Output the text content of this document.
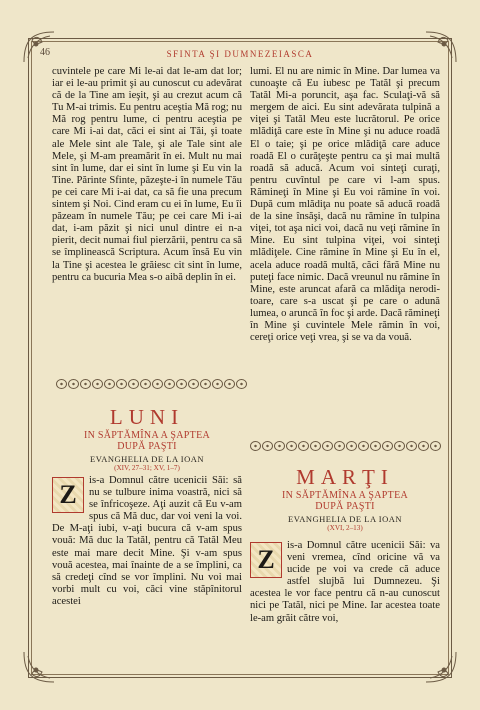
46	SFINTA ŞI DUMNEZEIASCA

cuvintele pe care Mi le-ai dat le-am dat lor; iar ei le-au primit şi au cunoscut cu adevărat că de la Tine am ieşit, şi au crezut acum că Tu M-ai trimis. Eu pentru aceştia Mă rog; nu Mă rog pentru lume, ci pentru aceştia pe care Mi i-ai dat, căci ei sint ai Tăi, şi toate ale Mele sint ale Tale, şi ale Tale sint ale Mele, şi M-am preamărit în ei. Mult nu mai sint în lume, dar ei sint în lume şi Eu vin la Tine. Părinte Sfinte, păzeşte-i în numele Tău pe cei care Mi i-ai dat, ca să fie una precum sintem şi Noi. Cind eram cu ei în lume, Eu îi păzeam în numele Tău; pe cei care Mi i-ai dat, i-am păzit şi nici unul dintre ei n-a pierit, decit numai fiul pierzării, pentru ca să se împlinească Scriptura. Acum însă Eu vin la Tine şi acestea le grăiesc cit sint în lume, pentru ca bucuria Mea s-o aibă deplin în ei.

LUNI
IN SĂPTĂMÎNA A ŞAPTEA
DUPĂ PAŞTI
EVANGHELIA DE LA IOAN
(XIV, 27–31; XV, 1–7)
Z	is-a Domnul către ucenicii Săi: să nu se tulbure inima voastră, nici să se înfricoşeze. Aţi auzit că Eu v-am spus că Mă duc, dar voi veni la voi. De M-aţi iubi, v-aţi bucura că v-am spus vouă: Mă duc la Tatăl, pentru că Tatăl Meu este mai mare decit Mine. Şi v-am spus vouă acestea, mai înainte de a se împlini, ca să credeţi cînd se vor împlini. Nu voi mai vorbi mult cu voi, căci vine stăpînitorul acestei

lumi. El nu are nimic în Mine. Dar lumea va cunoaşte că Eu iubesc pe Tatăl şi precum Tatăl Mi-a poruncit, aşa fac. Sculaţi-vă să mergem de aici. Eu sint adevărata tulpină a viţei şi Tatăl Meu este lucrătorul. Pe orice mlădiţă care este în Mine şi nu aduce roadă El o taie; şi pe orice mlădiţă care aduce roadă El o curăţeşte pentru ca şi mai multă roadă să aducă. Acum voi sinteţi curaţi, pentru cuvîntul pe care vi l-am spus. Rămineţi în Mine şi Eu voi rămine în voi. După cum mlădiţa nu poate să aducă roadă de la sine însăşi, dacă nu rămine în tulpina viţei, tot aşa nici voi, dacă nu veţi rămine în Mine. Eu sint tulpina viţei, voi sinteţi mlădiţele. Cine rămine în Mine şi Eu în el, acela aduce roadă multă, căci fără Mine nu puteţi face nimic. Dacă vreunul nu rămine în Mine, este aruncat afară ca mlădiţa neroditoare, care s-a uscat şi pe care o adună lumea, o aruncă în foc şi arde. Dacă rămineţi în Mine şi cuvintele Mele rămin în voi, cereţi orice veţi vrea, şi se va da vouă.

MARŢI
IN SĂPTĂMÎNA A ŞAPTEA
DUPĂ PAŞTI
EVANGHELIA DE LA IOAN
(XVI, 2–13)
Z	is-a Domnul către ucenicii Săi: va veni vremea, cînd oricine vă va ucide pe voi va crede că aduce astfel slujbă lui Dumnezeu. Şi acestea le vor face pentru că n-au cunoscut nici pe Tatăl, nici pe Mine. Iar acestea toate le-am grăit către voi,
